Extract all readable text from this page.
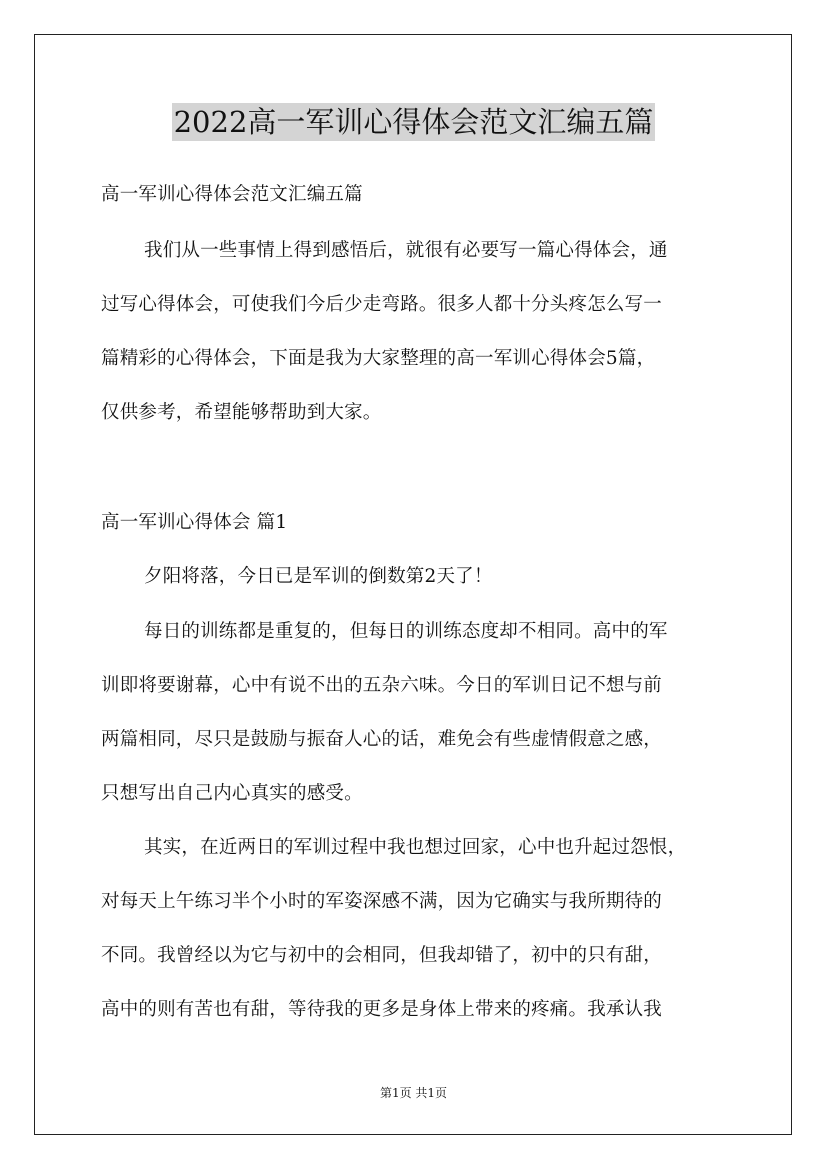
2022高一军训心得体会范文汇编五篇
高一军训心得体会范文汇编五篇
我们从一些事情上得到感悟后，就很有必要写一篇心得体会，通
过写心得体会，可使我们今后少走弯路。很多人都十分头疼怎么写一
篇精彩的心得体会，下面是我为大家整理的高一军训心得体会5篇，
仅供参考，希望能够帮助到大家。
高一军训心得体会 篇1
夕阳将落，今日已是军训的倒数第2天了！
每日的训练都是重复的，但每日的训练态度却不相同。高中的军
训即将要谢幕，心中有说不出的五杂六味。今日的军训日记不想与前
两篇相同，尽只是鼓励与振奋人心的话，难免会有些虚情假意之感，
只想写出自己内心真实的感受。
其实，在近两日的军训过程中我也想过回家，心中也升起过怨恨，
对每天上午练习半个小时的军姿深感不满，因为它确实与我所期待的
不同。我曾经以为它与初中的会相同，但我却错了，初中的只有甜，
高中的则有苦也有甜，等待我的更多是身体上带来的疼痛。我承认我
第1页 共1页
